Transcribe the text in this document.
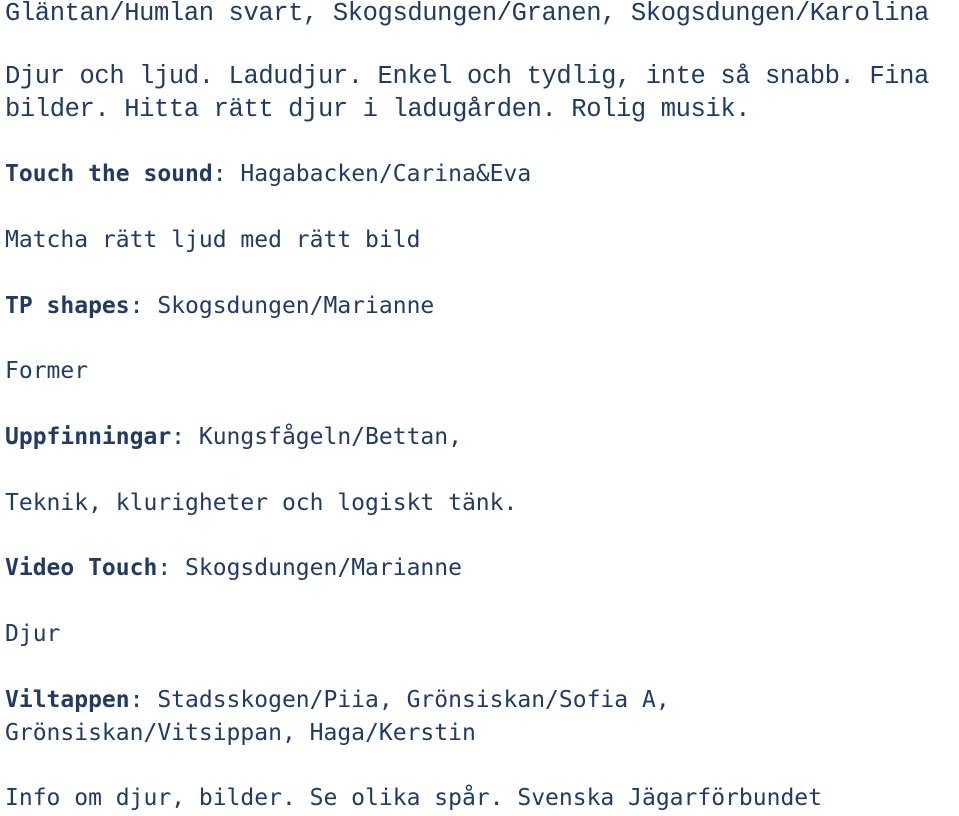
Gläntan/Humlan svart, Skogsdungen/Granen, Skogsdungen/Karolina
Djur och ljud. Ladudjur. Enkel och tydlig, inte så snabb. Fina
bilder. Hitta rätt djur i ladugården. Rolig musik.
Touch the sound: Hagabacken/Carina&Eva
Matcha rätt ljud med rätt bild
TP shapes: Skogsdungen/Marianne
Former
Uppfinningar: Kungsfågeln/Bettan,
Teknik, klurigheter och logiskt tänk.
Video Touch: Skogsdungen/Marianne
Djur
Viltappen: Stadsskogen/Piia, Grönsiskan/Sofia A,
Grönsiskan/Vitsippan, Haga/Kerstin
Info om djur, bilder. Se olika spår. Svenska Jägarförbundet
